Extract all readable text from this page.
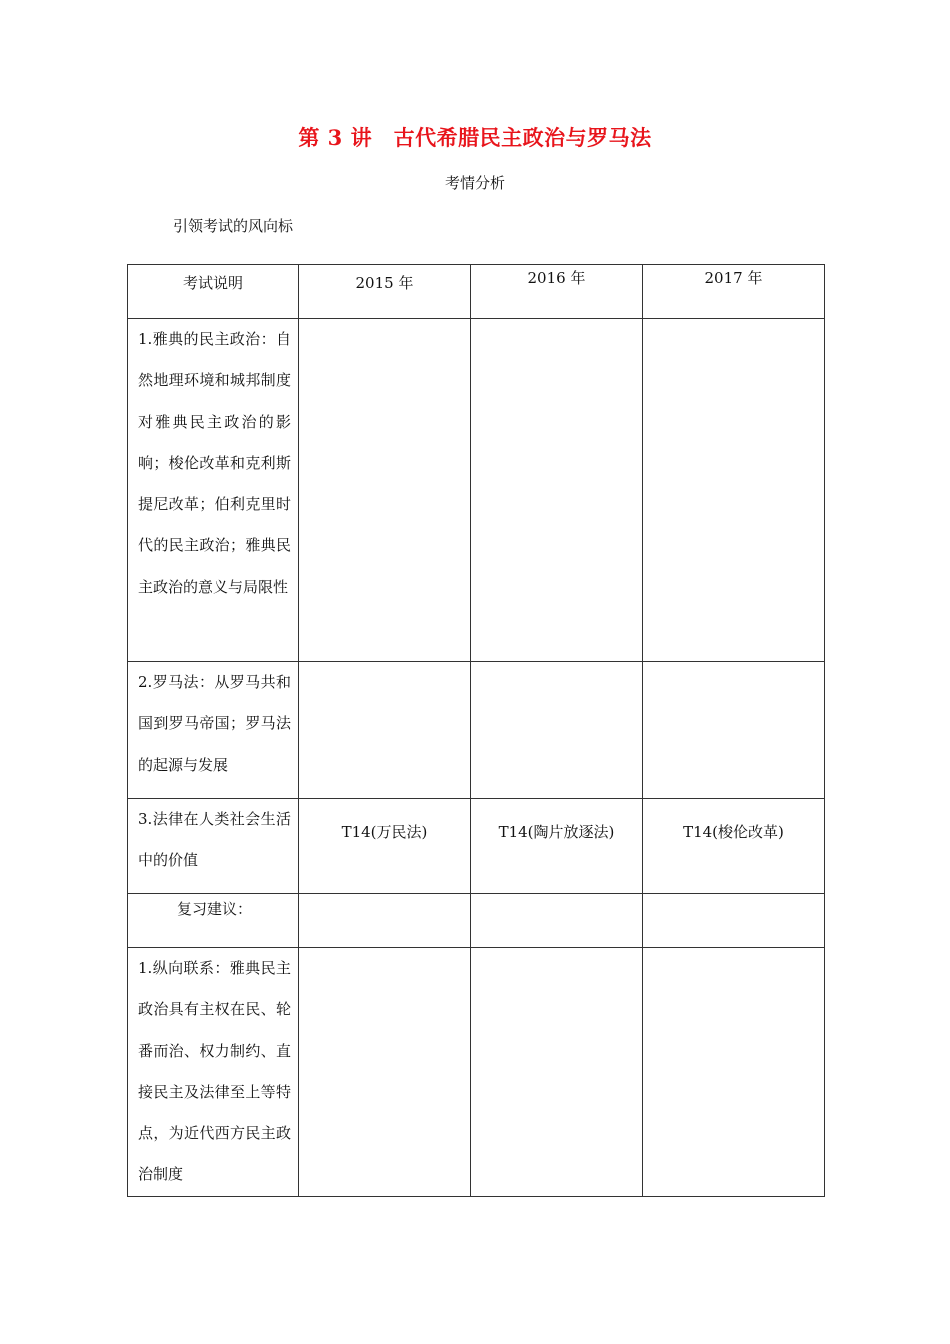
第 3 讲　古代希腊民主政治与罗马法
考情分析
引领考试的风向标
考试说明	2015 年	2016 年	2017 年
1.雅典的民主政治：自然地理环境和城邦制度对雅典民主政治的影响；梭伦改革和克利斯提尼改革；伯利克里时代的民主政治；雅典民主政治的意义与局限性			
2.罗马法：从罗马共和国到罗马帝国；罗马法的起源与发展			
3.法律在人类社会生活中的价值	T14(万民法)	T14(陶片放逐法)	T14(梭伦改革)
复习建议：			
1.纵向联系：雅典民主政治具有主权在民、轮番而治、权力制约、直接民主及法律至上等特点，为近代西方民主政治制度			
